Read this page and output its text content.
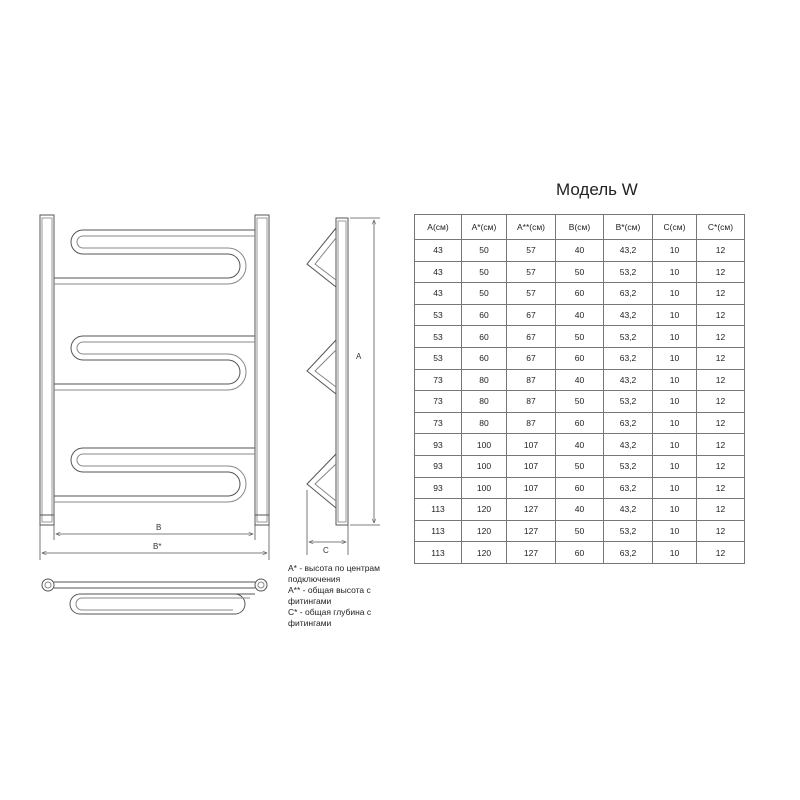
B
B*
A
C

А* - высота по центрам подключения

А** - общая высота с фитингами

С* - общая глубина с фитингами

Модель W
А(см)	А*(см)	А**(см)	В(см)	В*(см)	С(см)	С*(см)
43	50	57	40	43,2	10	12
43	50	57	50	53,2	10	12
43	50	57	60	63,2	10	12
53	60	67	40	43,2	10	12
53	60	67	50	53,2	10	12
53	60	67	60	63,2	10	12
73	80	87	40	43,2	10	12
73	80	87	50	53,2	10	12
73	80	87	60	63,2	10	12
93	100	107	40	43,2	10	12
93	100	107	50	53,2	10	12
93	100	107	60	63,2	10	12
113	120	127	40	43,2	10	12
113	120	127	50	53,2	10	12
113	120	127	60	63,2	10	12
